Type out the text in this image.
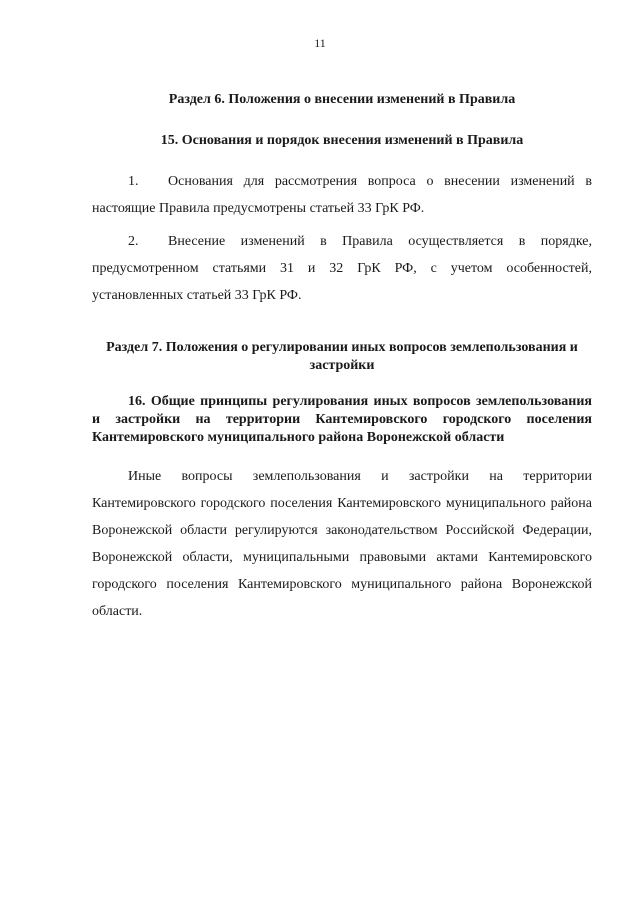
11

Раздел 6. Положения о внесении изменений в Правила

15. Основания и порядок внесения изменений в Правила

1. Основания для рассмотрения вопроса о внесении изменений в настоящие Правила предусмотрены статьей 33 ГрК РФ.

2. Внесение изменений в Правила осуществляется в порядке, предусмотренном статьями 31 и 32 ГрК РФ, с учетом особенностей, установленных статьей 33 ГрК РФ.

Раздел 7. Положения о регулировании иных вопросов землепользования и застройки

16. Общие принципы регулирования иных вопросов землепользования и застройки на территории Кантемировского городского поселения Кантемировского муниципального района Воронежской области

Иные вопросы землепользования и застройки на территории Кантемировского городского поселения Кантемировского муниципального района Воронежской области регулируются законодательством Российской Федерации, Воронежской области, муниципальными правовыми актами Кантемировского городского поселения Кантемировского муниципального района Воронежской области.
